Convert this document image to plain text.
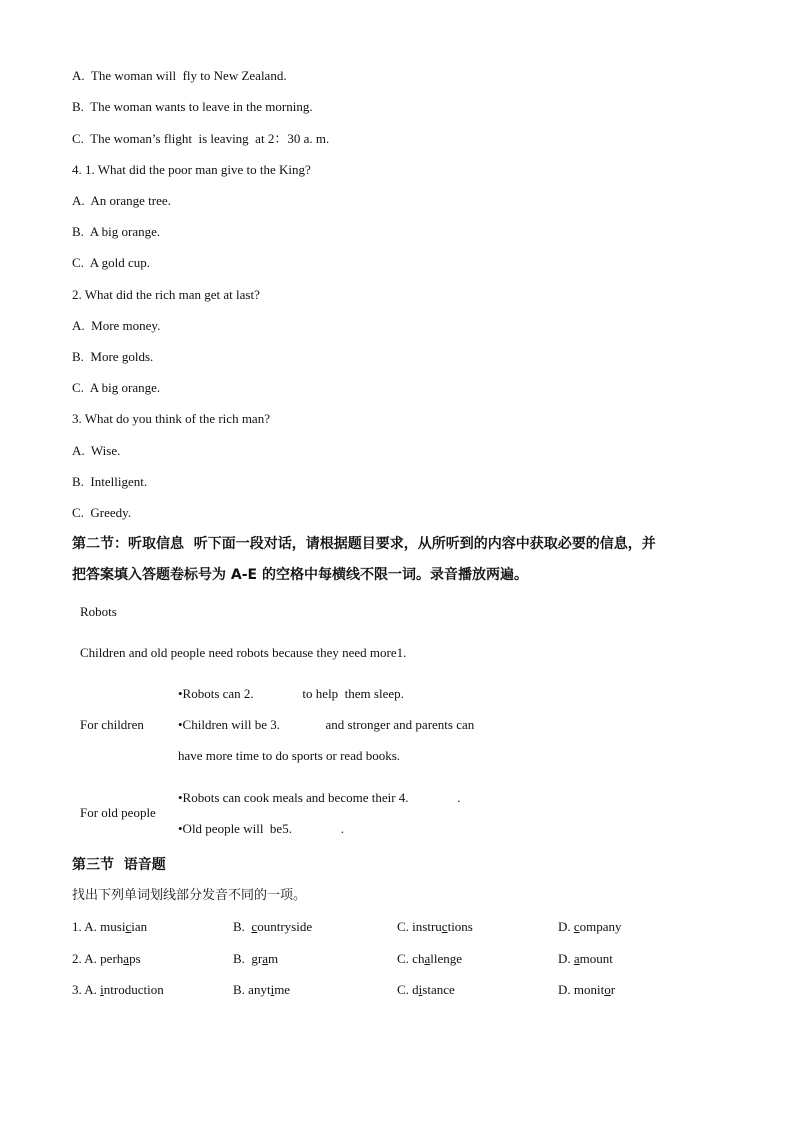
A.  The woman will  fly to New Zealand.
B.  The woman wants to leave in the morning.
C.  The woman’s flight  is leaving  at 2：30 a. m.
4. 1. What did the poor man give to the King?
A.  An orange tree.
B.  A big orange.
C.  A gold cup.
2. What did the rich man get at last?
A.  More money.
B.  More golds.
C.  A big orange.
3. What do you think of the rich man?
A.  Wise.
B.  Intelligent.
C.  Greedy.
第二节：听取信息  听下面一段对话，请根据题目要求，从所听到的内容中获取必要的信息，并
把答案填入答题卷标号为 A-E 的空格中每横线不限一词。录音播放两遍。
Robots
Children and old people need robots because they need more1.
For children
•Robots can 2.               to help  them sleep.
•Children will be 3.              and stronger and parents can
have more time to do sports or read books.
For old people
•Robots can cook meals and become their 4.               .
•Old people will  be5.               .
第三节  语音题
找出下列单词划线部分发音不同的一项。
1. A. musician	B. countryside	C. instructions	D. company
2. A. perhaps	B. gram	C. challenge	D. amount
3. A. introduction	B. anytime	C. distance	D. monitor
